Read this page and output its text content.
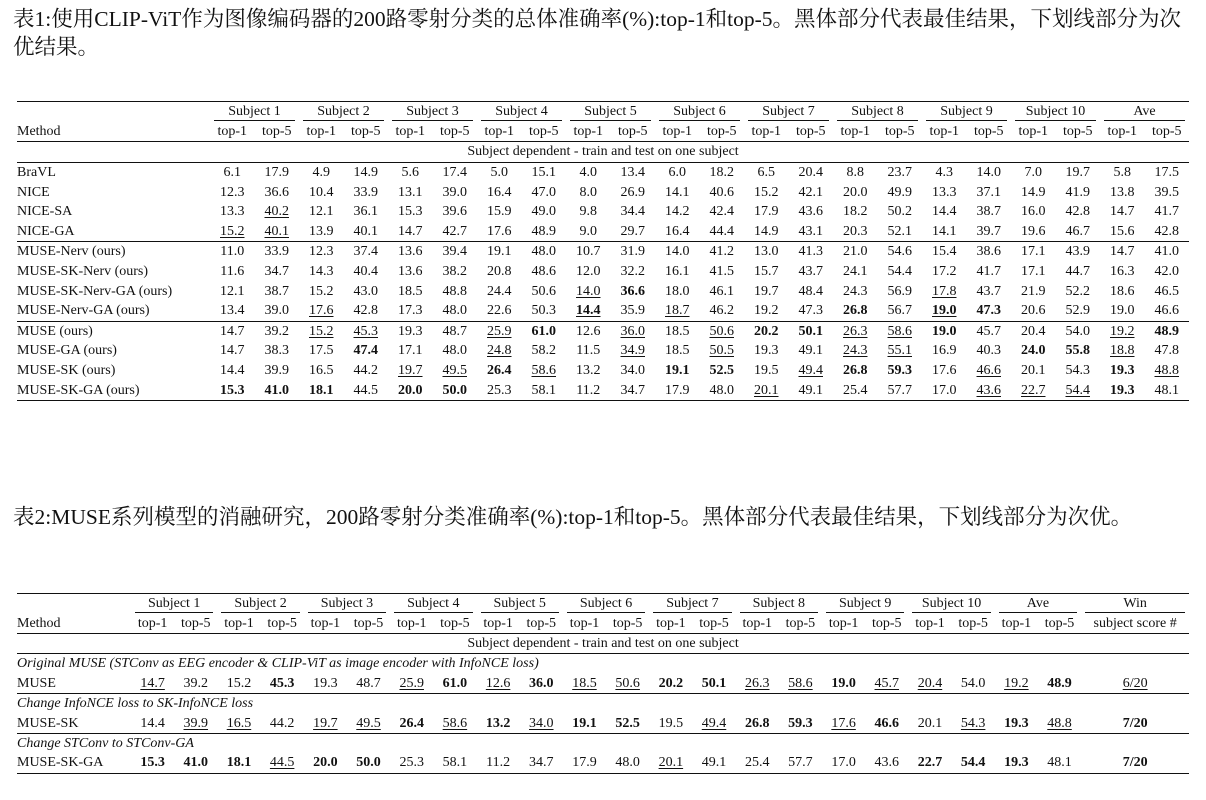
表1:使用CLIP-ViT作为图像编码器的200路零射分类的总体准确率(%):top-1和top-5。黑体部分代表最佳结果，下划线部分为次优结果。

	Subject 1		Subject 2		Subject 3		Subject 4		Subject 5		Subject 6		Subject 7		Subject 8		Subject 9		Subject 10		Ave	

Method	top-1	top-5	top-1	top-5	top-1	top-5	top-1	top-5	top-1	top-5	top-1	top-5	top-1	top-5	top-1	top-5	top-1	top-5	top-1	top-5	top-1	top-5
Subject dependent - train and test on one subject																						
BraVL	6.1	17.9	4.9	14.9	5.6	17.4	5.0	15.1	4.0	13.4	6.0	18.2	6.5	20.4	8.8	23.7	4.3	14.0	7.0	19.7	5.8	17.5
NICE	12.3	36.6	10.4	33.9	13.1	39.0	16.4	47.0	8.0	26.9	14.1	40.6	15.2	42.1	20.0	49.9	13.3	37.1	14.9	41.9	13.8	39.5
NICE-SA	13.3	40.2	12.1	36.1	15.3	39.6	15.9	49.0	9.8	34.4	14.2	42.4	17.9	43.6	18.2	50.2	14.4	38.7	16.0	42.8	14.7	41.7
NICE-GA	15.2	40.1	13.9	40.1	14.7	42.7	17.6	48.9	9.0	29.7	16.4	44.4	14.9	43.1	20.3	52.1	14.1	39.7	19.6	46.7	15.6	42.8
MUSE-Nerv (ours)	11.0	33.9	12.3	37.4	13.6	39.4	19.1	48.0	10.7	31.9	14.0	41.2	13.0	41.3	21.0	54.6	15.4	38.6	17.1	43.9	14.7	41.0
MUSE-SK-Nerv (ours)	11.6	34.7	14.3	40.4	13.6	38.2	20.8	48.6	12.0	32.2	16.1	41.5	15.7	43.7	24.1	54.4	17.2	41.7	17.1	44.7	16.3	42.0
MUSE-SK-Nerv-GA (ours)	12.1	38.7	15.2	43.0	18.5	48.8	24.4	50.6	14.0	36.6	18.0	46.1	19.7	48.4	24.3	56.9	17.8	43.7	21.9	52.2	18.6	46.5
MUSE-Nerv-GA (ours)	13.4	39.0	17.6	42.8	17.3	48.0	22.6	50.3	14.4	35.9	18.7	46.2	19.2	47.3	26.8	56.7	19.0	47.3	20.6	52.9	19.0	46.6
MUSE (ours)	14.7	39.2	15.2	45.3	19.3	48.7	25.9	61.0	12.6	36.0	18.5	50.6	20.2	50.1	26.3	58.6	19.0	45.7	20.4	54.0	19.2	48.9
MUSE-GA (ours)	14.7	38.3	17.5	47.4	17.1	48.0	24.8	58.2	11.5	34.9	18.5	50.5	19.3	49.1	24.3	55.1	16.9	40.3	24.0	55.8	18.8	47.8
MUSE-SK (ours)	14.4	39.9	16.5	44.2	19.7	49.5	26.4	58.6	13.2	34.0	19.1	52.5	19.5	49.4	26.8	59.3	17.6	46.6	20.1	54.3	19.3	48.8
MUSE-SK-GA (ours)	15.3	41.0	18.1	44.5	20.0	50.0	25.3	58.1	11.2	34.7	17.9	48.0	20.1	49.1	25.4	57.7	17.0	43.6	22.7	54.4	19.3	48.1

表2:MUSE系列模型的消融研究，200路零射分类准确率(%):top-1和top-5。黑体部分代表最佳结果，下划线部分为次优。

	Subject 1		Subject 2		Subject 3		Subject 4		Subject 5		Subject 6		Subject 7		Subject 8		Subject 9		Subject 10		Ave		Win

Method	top-1	top-5	top-1	top-5	top-1	top-5	top-1	top-5	top-1	top-5	top-1	top-5	top-1	top-5	top-1	top-5	top-1	top-5	top-1	top-5	top-1	top-5	subject score #
Subject dependent - train and test on one subject																							
Original MUSE (STConv as EEG encoder & CLIP-ViT as image encoder with InfoNCE loss)																							
MUSE	14.7	39.2	15.2	45.3	19.3	48.7	25.9	61.0	12.6	36.0	18.5	50.6	20.2	50.1	26.3	58.6	19.0	45.7	20.4	54.0	19.2	48.9	6/20
Change InfoNCE loss to SK-InfoNCE loss																							
MUSE-SK	14.4	39.9	16.5	44.2	19.7	49.5	26.4	58.6	13.2	34.0	19.1	52.5	19.5	49.4	26.8	59.3	17.6	46.6	20.1	54.3	19.3	48.8	7/20
Change STConv to STConv-GA																							
MUSE-SK-GA	15.3	41.0	18.1	44.5	20.0	50.0	25.3	58.1	11.2	34.7	17.9	48.0	20.1	49.1	25.4	57.7	17.0	43.6	22.7	54.4	19.3	48.1	7/20
